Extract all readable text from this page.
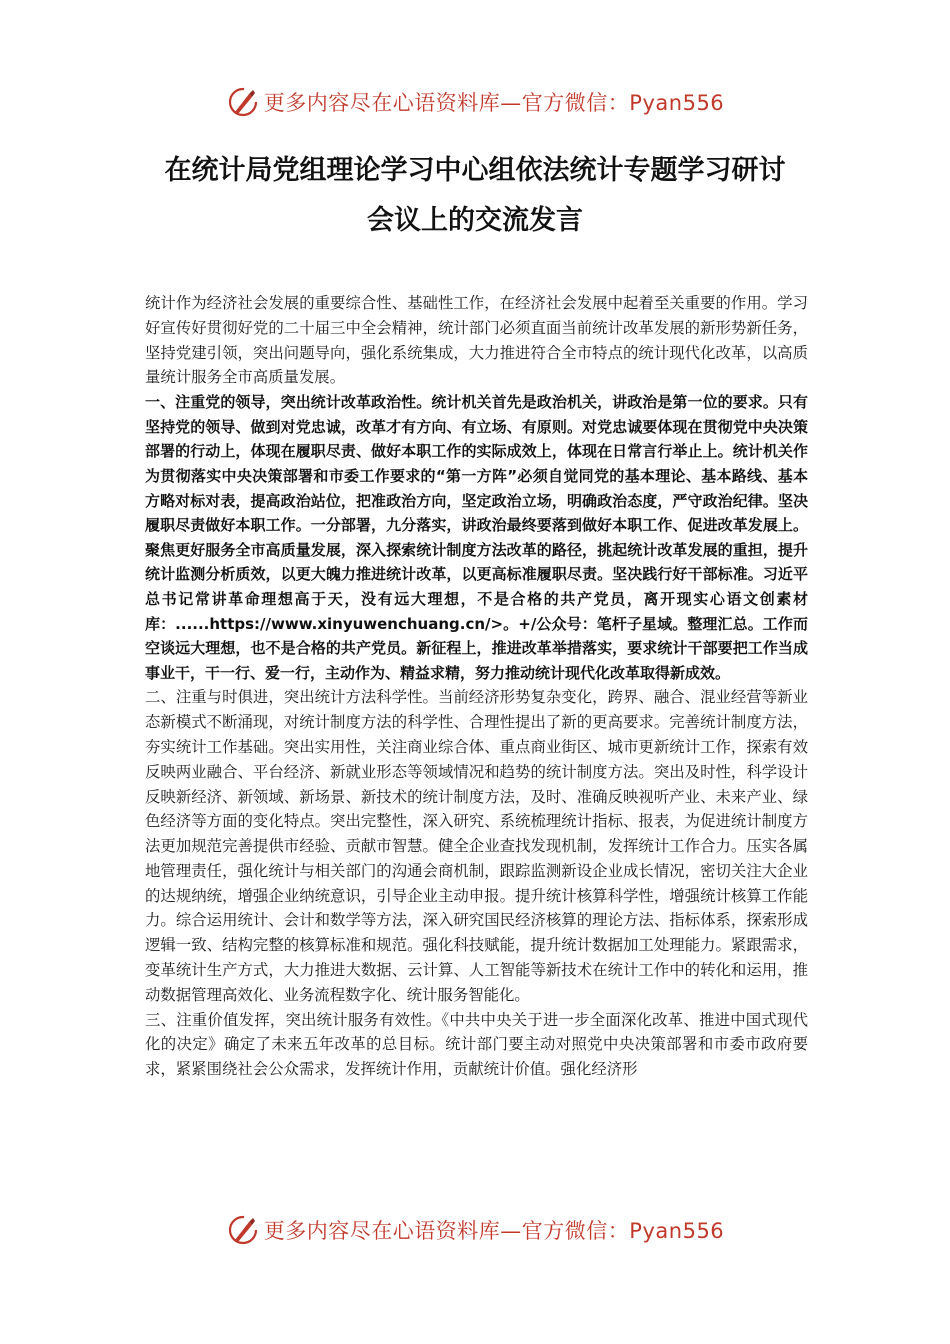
更多内容尽在心语资料库—官方微信：Pyan556
在统计局党组理论学习中心组依法统计专题学习研讨
会议上的交流发言

统计作为经济社会发展的重要综合性、基础性工作，在经济社会发展中起着至关重要的作用。学习好宣传好贯彻好党的二十届三中全会精神，统计部门必须直面当前统计改革发展的新形势新任务，坚持党建引领，突出问题导向，强化系统集成，大力推进符合全市特点的统计现代化改革，以高质量统计服务全市高质量发展。

一、注重党的领导，突出统计改革政治性。统计机关首先是政治机关，讲政治是第一位的要求。只有坚持党的领导、做到对党忠诚，改革才有方向、有立场、有原则。对党忠诚要体现在贯彻党中央决策部署的行动上，体现在履职尽责、做好本职工作的实际成效上，体现在日常言行举止上。统计机关作为贯彻落实中央决策部署和市委工作要求的“第一方阵”必须自觉同党的基本理论、基本路线、基本方略对标对表，提高政治站位，把准政治方向，坚定政治立场，明确政治态度，严守政治纪律。坚决履职尽责做好本职工作。一分部署，九分落实，讲政治最终要落到做好本职工作、促进改革发展上。聚焦更好服务全市高质量发展，深入探索统计制度方法改革的路径，挑起统计改革发展的重担，提升统计监测分析质效，以更大魄力推进统计改革，以更高标准履职尽责。坚决践行好干部标准。习近平总书记常讲革命理想高于天，没有远大理想，不是合格的共产党员，离开现实心语文创素材库：......https://www.xinyuwenchuang.cn/>。+/公众号：笔杆子星域。整理汇总。工作而空谈远大理想，也不是合格的共产党员。新征程上，推进改革举措落实，要求统计干部要把工作当成事业干，干一行、爱一行，主动作为、精益求精，努力推动统计现代化改革取得新成效。

二、注重与时俱进，突出统计方法科学性。当前经济形势复杂变化，跨界、融合、混业经营等新业态新模式不断涌现，对统计制度方法的科学性、合理性提出了新的更高要求。完善统计制度方法，夯实统计工作基础。突出实用性，关注商业综合体、重点商业街区、城市更新统计工作，探索有效反映两业融合、平台经济、新就业形态等领域情况和趋势的统计制度方法。突出及时性，科学设计反映新经济、新领域、新场景、新技术的统计制度方法，及时、准确反映视听产业、未来产业、绿色经济等方面的变化特点。突出完整性，深入研究、系统梳理统计指标、报表，为促进统计制度方法更加规范完善提供市经验、贡献市智慧。健全企业查找发现机制，发挥统计工作合力。压实各属地管理责任，强化统计与相关部门的沟通会商机制，跟踪监测新设企业成长情况，密切关注大企业的达规纳统，增强企业纳统意识，引导企业主动申报。提升统计核算科学性，增强统计核算工作能力。综合运用统计、会计和数学等方法，深入研究国民经济核算的理论方法、指标体系，探索形成逻辑一致、结构完整的核算标准和规范。强化科技赋能，提升统计数据加工处理能力。紧跟需求，变革统计生产方式，大力推进大数据、云计算、人工智能等新技术在统计工作中的转化和运用，推动数据管理高效化、业务流程数字化、统计服务智能化。

三、注重价值发挥，突出统计服务有效性。《中共中央关于进一步全面深化改革、推进中国式现代化的决定》确定了未来五年改革的总目标。统计部门要主动对照党中央决策部署和市委市政府要求，紧紧围绕社会公众需求，发挥统计作用，贡献统计价值。强化经济形

更多内容尽在心语资料库—官方微信：Pyan556
